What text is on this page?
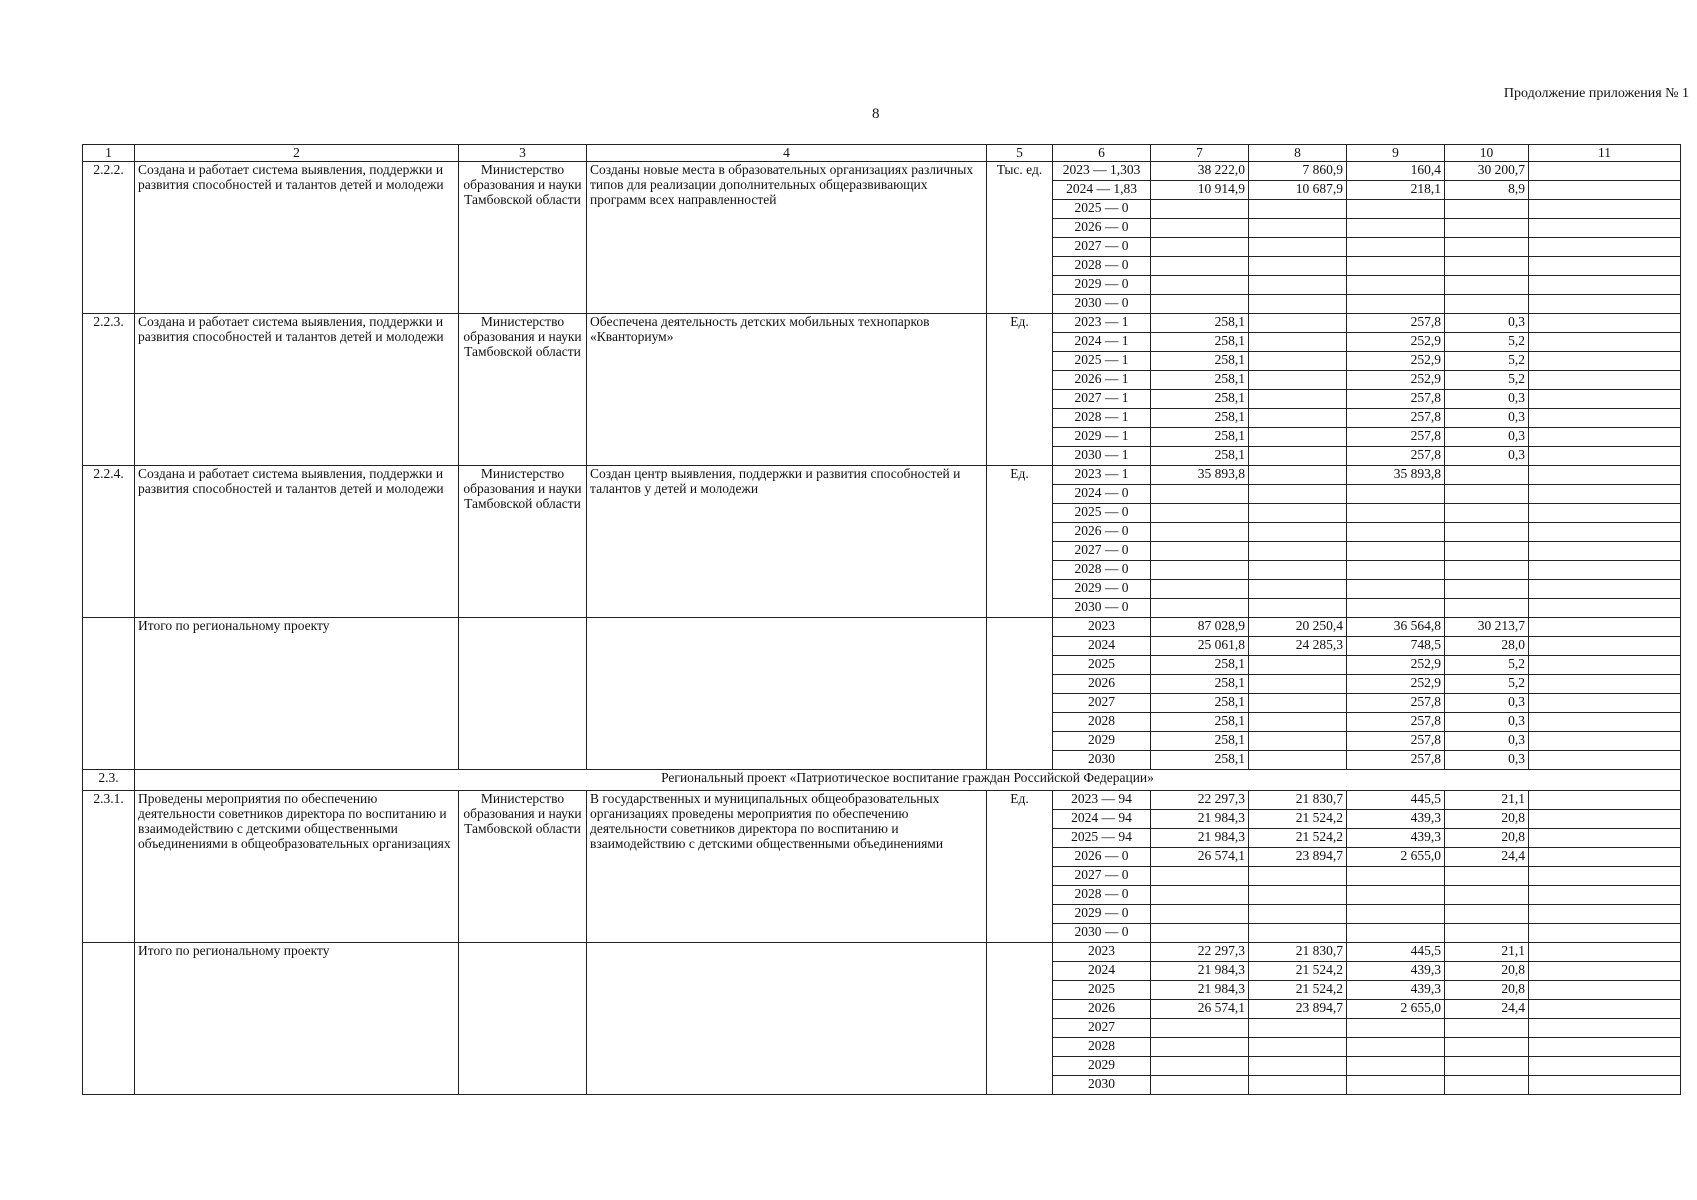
8
Продолжение приложения № 1
1	2	3	4	5	6	7	8	9	10	11
2.2.2.	Создана и работает система выявления, поддержки и развития способностей и талантов детей и молодежи	Министерство образования и науки Тамбовской области	Созданы новые места в образовательных организациях различных типов для реализации дополнительных общеразвивающих программ всех направленностей	Тыс. ед.	2023 — 1,303	38 222,0	7 860,9	160,4	30 200,7	
					2024 — 1,83	10 914,9	10 687,9	218,1	8,9	
					2025 — 0					
					2026 — 0					
					2027 — 0					
					2028 — 0					
					2029 — 0					
					2030 — 0					
2.2.3.	Создана и работает система выявления, поддержки и развития способностей и талантов детей и молодежи	Министерство образования и науки Тамбовской области	Обеспечена деятельность детских мобильных технопарков «Кванториум»	Ед.	2023 — 1	258,1		257,8	0,3	
					2024 — 1	258,1		252,9	5,2	
					2025 — 1	258,1		252,9	5,2	
					2026 — 1	258,1		252,9	5,2	
					2027 — 1	258,1		257,8	0,3	
					2028 — 1	258,1		257,8	0,3	
					2029 — 1	258,1		257,8	0,3	
					2030 — 1	258,1		257,8	0,3	
2.2.4.	Создана и работает система выявления, поддержки и развития способностей и талантов детей и молодежи	Министерство образования и науки Тамбовской области	Создан центр выявления, поддержки и развития способностей и талантов у детей и молодежи	Ед.	2023 — 1	35 893,8		35 893,8		
					2024 — 0					
					2025 — 0					
					2026 — 0					
					2027 — 0					
					2028 — 0					
					2029 — 0					
					2030 — 0					
	Итого по региональному проекту				2023	87 028,9	20 250,4	36 564,8	30 213,7	
					2024	25 061,8	24 285,3	748,5	28,0	
					2025	258,1		252,9	5,2	
					2026	258,1		252,9	5,2	
					2027	258,1		257,8	0,3	
					2028	258,1		257,8	0,3	
					2029	258,1		257,8	0,3	
					2030	258,1		257,8	0,3	
2.3.	Региональный проект «Патриотическое воспитание граждан Российской Федерации»									
2.3.1.	Проведены мероприятия по обеспечению деятельности советников директора по воспитанию и взаимодействию с детскими общественными объединениями в общеобразовательных организациях	Министерство образования и науки Тамбовской области	В государственных и муниципальных общеобразовательных организациях проведены мероприятия по обеспечению деятельности советников директора по воспитанию и взаимодействию с детскими общественными объединениями	Ед.	2023 — 94	22 297,3	21 830,7	445,5	21,1	
					2024 — 94	21 984,3	21 524,2	439,3	20,8	
					2025 — 94	21 984,3	21 524,2	439,3	20,8	
					2026 — 0	26 574,1	23 894,7	2 655,0	24,4	
					2027 — 0					
					2028 — 0					
					2029 — 0					
					2030 — 0					
	Итого по региональному проекту				2023	22 297,3	21 830,7	445,5	21,1	
					2024	21 984,3	21 524,2	439,3	20,8	
					2025	21 984,3	21 524,2	439,3	20,8	
					2026	26 574,1	23 894,7	2 655,0	24,4	
					2027					
					2028					
					2029					
					2030					
